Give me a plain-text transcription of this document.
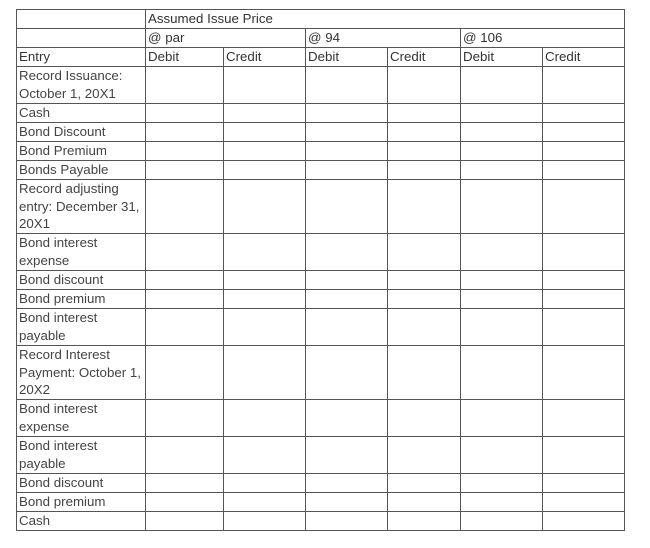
	Assumed Issue Price					
	@ par		@ 94		@ 106	
Entry	Debit	Credit	Debit	Credit	Debit	Credit
Record Issuance: October 1, 20X1						
Cash						
Bond Discount						
Bond Premium						
Bonds Payable						
Record adjusting entry: December 31, 20X1						
Bond interest expense						
Bond discount						
Bond premium						
Bond interest payable						
Record Interest Payment: October 1, 20X2						
Bond interest expense						
Bond interest payable						
Bond discount						
Bond premium						
Cash						
